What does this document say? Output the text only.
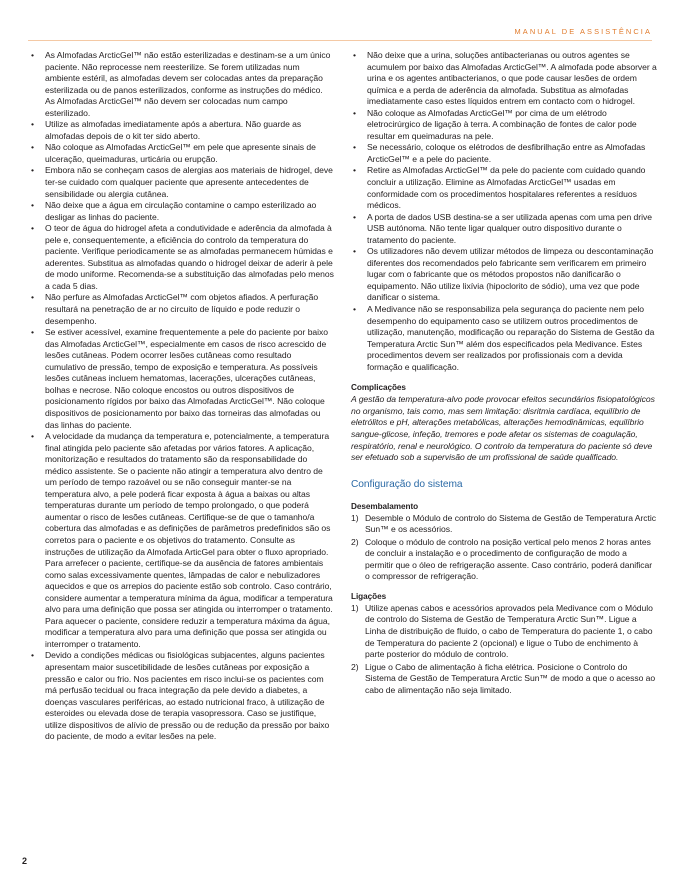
MANUAL DE ASSISTÊNCIA
• As Almofadas ArcticGel™ não estão esterilizadas e destinam-se a um único paciente. Não reprocesse nem reesterilize. Se forem utilizadas num ambiente estéril, as almofadas devem ser colocadas antes da preparação esterilizada ou de panos esterilizados, conforme as instruções do médico. As Almofadas ArcticGel™ não devem ser colocadas num campo esterilizado.
• Utilize as almofadas imediatamente após a abertura. Não guarde as almofadas depois de o kit ter sido aberto.
• Não coloque as Almofadas ArcticGel™ em pele que apresente sinais de ulceração, queimaduras, urticária ou erupção.
• Embora não se conheçam casos de alergias aos materiais de hidrogel, deve ter-se cuidado com qualquer paciente que apresente antecedentes de sensibilidade ou alergia cutânea.
• Não deixe que a água em circulação contamine o campo esterilizado ao desligar as linhas do paciente.
• O teor de água do hidrogel afeta a condutividade e aderência da almofada à pele e, consequentemente, a eficiência do controlo da temperatura do paciente. Verifique periodicamente se as almofadas permanecem húmidas e aderentes. Substitua as almofadas quando o hidrogel deixar de aderir à pele de modo uniforme. Recomenda-se a substituição das almofadas pelo menos a cada 5 dias.
• Não perfure as Almofadas ArcticGel™ com objetos afiados. A perfuração resultará na penetração de ar no circuito de líquido e pode reduzir o desempenho.
• Se estiver acessível, examine frequentemente a pele do paciente por baixo das Almofadas ArcticGel™, especialmente em casos de risco acrescido de lesões cutâneas. Podem ocorrer lesões cutâneas como resultado cumulativo de pressão, tempo de exposição e temperatura. As possíveis lesões cutâneas incluem hematomas, lacerações, ulcerações cutâneas, bolhas e necrose. Não coloque encostos ou outros dispositivos de posicionamento rígidos por baixo das Almofadas ArcticGel™. Não coloque dispositivos de posicionamento por baixo das torneiras das almofadas ou das linhas do paciente.
• A velocidade da mudança da temperatura e, potencialmente, a temperatura final atingida pelo paciente são afetadas por vários fatores. A aplicação, monitorização e resultados do tratamento são da responsabilidade do médico assistente. Se o paciente não atingir a temperatura alvo dentro de um período de tempo razoável ou se não conseguir manter-se na temperatura alvo, a pele poderá ficar exposta à água a baixas ou altas temperaturas durante um período de tempo prolongado, o que poderá aumentar o risco de lesões cutâneas. Certifique-se de que o tamanho/a cobertura das almofadas e as definições de parâmetros predefinidos são os corretos para o paciente e os objetivos do tratamento. Consulte as instruções de utilização da Almofada ArticGel para obter o fluxo apropriado. Para arrefecer o paciente, certifique-se da ausência de fatores ambientais como salas excessivamente quentes, lâmpadas de calor e nebulizadores aquecidos e que os arrepios do paciente estão sob controlo. Caso contrário, considere aumentar a temperatura mínima da água, modificar a temperatura alvo para uma definição que possa ser atingida ou interromper o tratamento. Para aquecer o paciente, considere reduzir a temperatura máxima da água, modificar a temperatura alvo para uma definição que possa ser atingida ou interromper o tratamento.
• Devido a condições médicas ou fisiológicas subjacentes, alguns pacientes apresentam maior suscetibilidade de lesões cutâneas por exposição a pressão e calor ou frio. Nos pacientes em risco inclui-se os pacientes com má perfusão tecidual ou fraca integração da pele devido a diabetes, a doenças vasculares periféricas, ao estado nutricional fraco, à utilização de esteroides ou elevada dose de terapia vasopressora. Caso se justifique, utilize dispositivos de alívio de pressão ou de redução da pressão por baixo do paciente, de modo a evitar lesões na pele.
• Não deixe que a urina, soluções antibacterianas ou outros agentes se acumulem por baixo das Almofadas ArcticGel™. A almofada pode absorver a urina e os agentes antibacterianos, o que pode causar lesões de ordem química e a perda de aderência da almofada. Substitua as almofadas imediatamente caso estes líquidos entrem em contacto com o hidrogel.
• Não coloque as Almofadas ArcticGel™ por cima de um elétrodo eletrocirúrgico de ligação à terra. A combinação de fontes de calor pode resultar em queimaduras na pele.
• Se necessário, coloque os elétrodos de desfibrilhação entre as Almofadas ArcticGel™ e a pele do paciente.
• Retire as Almofadas ArcticGel™ da pele do paciente com cuidado quando concluir a utilização. Elimine as Almofadas ArcticGel™ usadas em conformidade com os procedimentos hospitalares referentes a resíduos médicos.
• A porta de dados USB destina-se a ser utilizada apenas com uma pen drive USB autónoma. Não tente ligar qualquer outro dispositivo durante o tratamento do paciente.
• Os utilizadores não devem utilizar métodos de limpeza ou descontaminação diferentes dos recomendados pelo fabricante sem verificarem em primeiro lugar com o fabricante que os métodos propostos não danificarão o equipamento. Não utilize lixívia (hipoclorito de sódio), uma vez que pode danificar o sistema.
• A Medivance não se responsabiliza pela segurança do paciente nem pelo desempenho do equipamento caso se utilizem outros procedimentos de utilização, manutenção, modificação ou reparação do Sistema de Gestão da Temperatura Arctic Sun™ além dos especificados pela Medivance. Estes procedimentos devem ser realizados por profissionais com a devida formação e qualificação.
Complicações

A gestão da temperatura-alvo pode provocar efeitos secundários fisiopatológicos no organismo, tais como, mas sem limitação: disritmia cardíaca, equilíbrio de eletrólitos e pH, alterações metabólicas, alterações hemodinâmicas, equilíbrio sangue-glicose, infeção, tremores e pode afetar os sistemas de coagulação, respiratório, renal e neurológico. O controlo da temperatura do paciente só deve ser efetuado sob a supervisão de um profissional de saúde qualificado.

Configuração do sistema
Desembalamento
1) Desemble o Módulo de controlo do Sistema de Gestão de Temperatura Arctic Sun™ e os acessórios.
2) Coloque o módulo de controlo na posição vertical pelo menos 2 horas antes de concluir a instalação e o procedimento de configuração de modo a permitir que o óleo de refrigeração assente. Caso contrário, poderá danificar o compressor de refrigeração.
Ligações
1) Utilize apenas cabos e acessórios aprovados pela Medivance com o Módulo de controlo do Sistema de Gestão de Temperatura Arctic Sun™. Ligue a Linha de distribuição de fluido, o cabo de Temperatura do paciente 1, o cabo de Temperatura do paciente 2 (opcional) e ligue o Tubo de enchimento à parte posterior do módulo de controlo.
2) Ligue o Cabo de alimentação à ficha elétrica. Posicione o Controlo do Sistema de Gestão de Temperatura Arctic Sun™ de modo a que o acesso ao cabo de alimentação não seja limitado.
2
